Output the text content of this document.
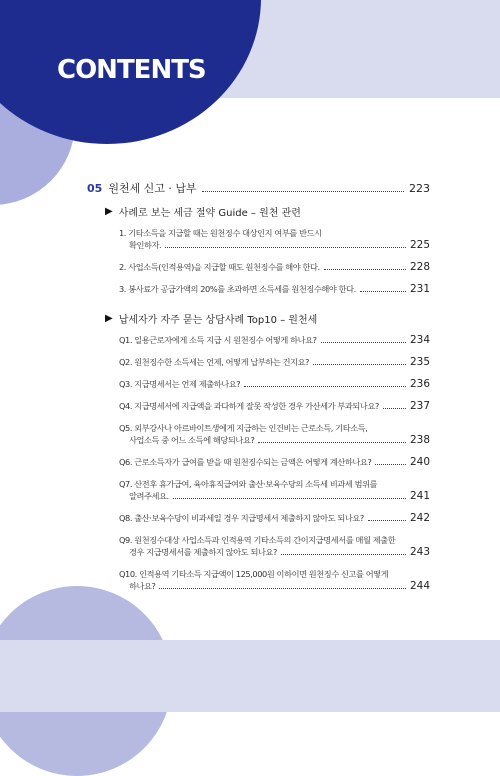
CONTENTS
05 원천세 신고 · 납부	223
▶ 사례로 보는 세금 절약 Guide – 원천 관련
1. 기타소득을 지급할 때는 원천징수 대상인지 여부를 반드시
확인하자.	225
2. 사업소득(인적용역)을 지급할 때도 원천징수를 해야 한다.	228
3. 봉사료가 공급가액의 20%를 초과하면 소득세를 원천징수해야 한다.	231
▶ 납세자가 자주 묻는 상담사례 Top10 – 원천세
Q1. 일용근로자에게 소득 지급 시 원천징수 어떻게 하나요?	234
Q2. 원천징수한 소득세는 언제, 어떻게 납부하는 건지요?	235
Q3. 지급명세서는 언제 제출하나요?	236
Q4. 지급명세서에 지급액을 과다하게 잘못 작성한 경우 가산세가 부과되나요?	237
Q5. 외부강사나 아르바이트생에게 지급하는 인건비는 근로소득, 기타소득,
사업소득 중 어느 소득에 해당되나요?	238
Q6. 근로소득자가 급여를 받을 때 원천징수되는 금액은 어떻게 계산하나요?	240
Q7. 산전후 휴가급여, 육아휴직급여와 출산·보육수당의 소득세 비과세 범위를
알려주세요.	241
Q8. 출산·보육수당이 비과세일 경우 지급명세서 제출하지 않아도 되나요?	242
Q9. 원천징수대상 사업소득과 인적용역 기타소득의 간이지급명세서를 매월 제출한
경우 지급명세서를 제출하지 않아도 되나요?	243
Q10. 인적용역 기타소득 지급액이 125,000원 이하이면 원천징수 신고를 어떻게
하나요?	244
